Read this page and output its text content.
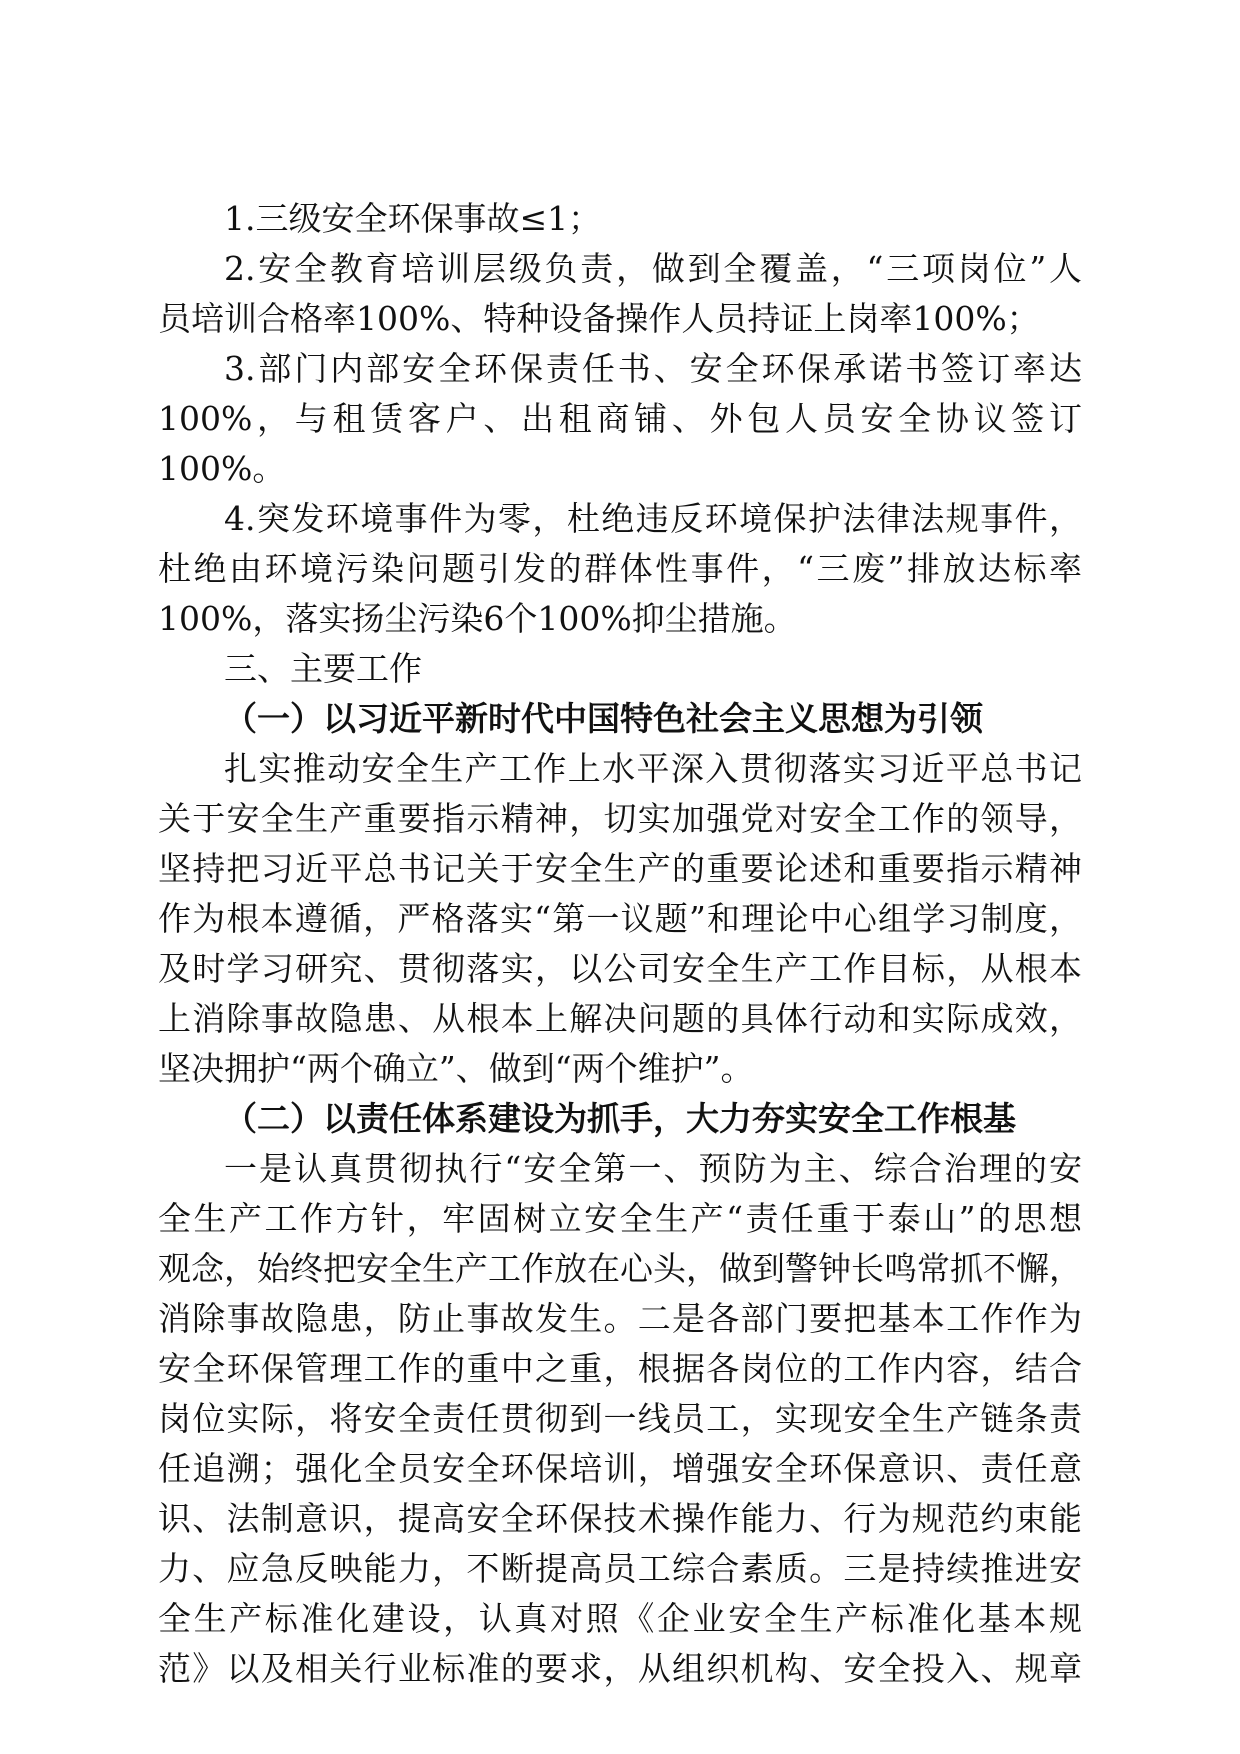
1.三级安全环保事故≤1；
2.安全教育培训层级负责，做到全覆盖，“三项岗位”人
员培训合格率100%、特种设备操作人员持证上岗率100%；
3.部门内部安全环保责任书、安全环保承诺书签订率达
100%，与租赁客户、出租商铺、外包人员安全协议签订
100%。
4.突发环境事件为零，杜绝违反环境保护法律法规事件，
杜绝由环境污染问题引发的群体性事件，“三废”排放达标率
100%，落实扬尘污染6个100%抑尘措施。
三、主要工作
（一）以习近平新时代中国特色社会主义思想为引领
扎实推动安全生产工作上水平深入贯彻落实习近平总书记
关于安全生产重要指示精神，切实加强党对安全工作的领导，
坚持把习近平总书记关于安全生产的重要论述和重要指示精神
作为根本遵循，严格落实“第一议题”和理论中心组学习制度，
及时学习研究、贯彻落实，以公司安全生产工作目标，从根本
上消除事故隐患、从根本上解决问题的具体行动和实际成效，
坚决拥护“两个确立”、做到“两个维护”。
（二）以责任体系建设为抓手，大力夯实安全工作根基
一是认真贯彻执行“安全第一、预防为主、综合治理的安
全生产工作方针，牢固树立安全生产“责任重于泰山”的思想
观念，始终把安全生产工作放在心头，做到警钟长鸣常抓不懈，
消除事故隐患，防止事故发生。二是各部门要把基本工作作为
安全环保管理工作的重中之重，根据各岗位的工作内容，结合
岗位实际，将安全责任贯彻到一线员工，实现安全生产链条责
任追溯；强化全员安全环保培训，增强安全环保意识、责任意
识、法制意识，提高安全环保技术操作能力、行为规范约束能
力、应急反映能力，不断提高员工综合素质。三是持续推进安
全生产标准化建设，认真对照《企业安全生产标准化基本规
范》以及相关行业标准的要求，从组织机构、安全投入、规章
